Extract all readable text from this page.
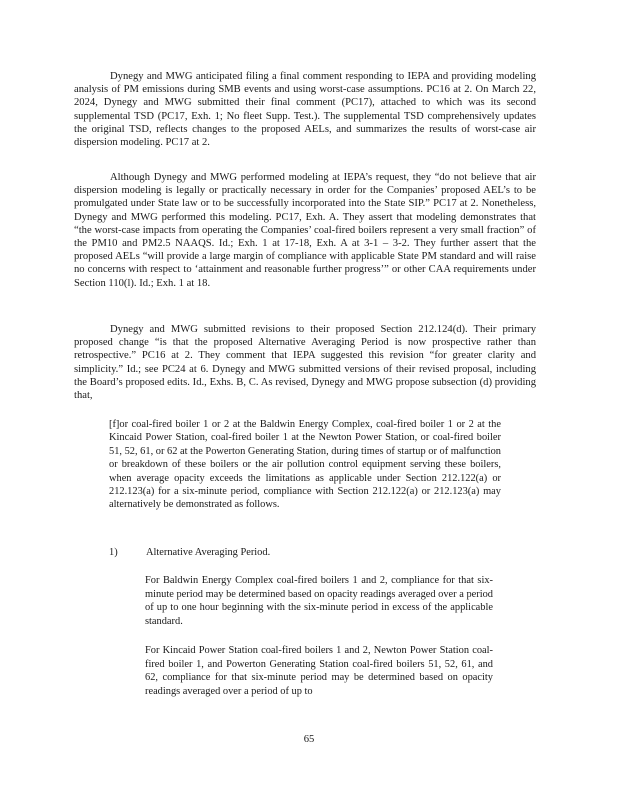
Dynegy and MWG anticipated filing a final comment responding to IEPA and providing modeling analysis of PM emissions during SMB events and using worst-case assumptions. PC16 at 2. On March 22, 2024, Dynegy and MWG submitted their final comment (PC17), attached to which was its second supplemental TSD (PC17, Exh. 1; No fleet Supp. Test.). The supplemental TSD comprehensively updates the original TSD, reflects changes to the proposed AELs, and summarizes the results of worst-case air dispersion modeling. PC17 at 2.

Although Dynegy and MWG performed modeling at IEPA’s request, they “do not believe that air dispersion modeling is legally or practically necessary in order for the Companies’ proposed AEL’s to be promulgated under State law or to be successfully incorporated into the State SIP.” PC17 at 2. Nonetheless, Dynegy and MWG performed this modeling. PC17, Exh. A. They assert that modeling demonstrates that “the worst-case impacts from operating the Companies’ coal-fired boilers represent a very small fraction” of the PM10 and PM2.5 NAAQS. Id.; Exh. 1 at 17-18, Exh. A at 3-1 – 3-2. They further assert that the proposed AELs “will provide a large margin of compliance with applicable State PM standard and will raise no concerns with respect to ‘attainment and reasonable further progress’” or other CAA requirements under Section 110(l). Id.; Exh. 1 at 18.

Dynegy and MWG submitted revisions to their proposed Section 212.124(d). Their primary proposed change “is that the proposed Alternative Averaging Period is now prospective rather than retrospective.” PC16 at 2. They comment that IEPA suggested this revision “for greater clarity and simplicity.” Id.; see PC24 at 6. Dynegy and MWG submitted versions of their revised proposal, including the Board’s proposed edits. Id., Exhs. B, C. As revised, Dynegy and MWG propose subsection (d) providing that,

[f]or coal-fired boiler 1 or 2 at the Baldwin Energy Complex, coal-fired boiler 1 or 2 at the Kincaid Power Station, coal-fired boiler 1 at the Newton Power Station, or coal-fired boiler 51, 52, 61, or 62 at the Powerton Generating Station, during times of startup or of malfunction or breakdown of these boilers or the air pollution control equipment serving these boilers, when average opacity exceeds the limitations as applicable under Section 212.122(a) or 212.123(a) for a six-minute period, compliance with Section 212.122(a) or 212.123(a) may alternatively be demonstrated as follows.

1)	Alternative Averaging Period.

For Baldwin Energy Complex coal-fired boilers 1 and 2, compliance for that six-minute period may be determined based on opacity readings averaged over a period of up to one hour beginning with the six-minute period in excess of the applicable standard.

For Kincaid Power Station coal-fired boilers 1 and 2, Newton Power Station coal-fired boiler 1, and Powerton Generating Station coal-fired boilers 51, 52, 61, and 62, compliance for that six-minute period may be determined based on opacity readings averaged over a period of up to

65
